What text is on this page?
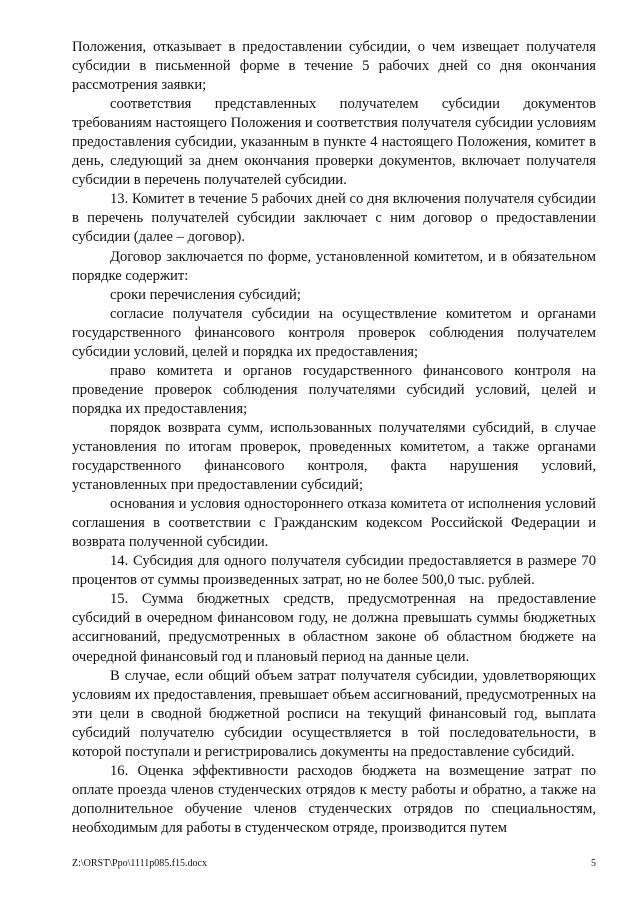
Положения, отказывает в предоставлении субсидии, о чем извещает получателя субсидии в письменной форме в течение 5 рабочих дней со дня окончания рассмотрения заявки;

соответствия представленных получателем субсидии документов требованиям настоящего Положения и соответствия получателя субсидии условиям предоставления субсидии, указанным в пункте 4 настоящего Положения, комитет в день, следующий за днем окончания проверки документов, включает получателя субсидии в перечень получателей субсидии.

13. Комитет в течение 5 рабочих дней со дня включения получателя субсидии в перечень получателей субсидии заключает с ним договор о предоставлении субсидии (далее – договор).

Договор заключается по форме, установленной комитетом, и в обязательном порядке содержит:

сроки перечисления субсидий;

согласие получателя субсидии на осуществление комитетом и органами государственного финансового контроля проверок соблюдения получателем субсидии условий, целей и порядка их предоставления;

право комитета и органов государственного финансового контроля на проведение проверок соблюдения получателями субсидий условий, целей и порядка их предоставления;

порядок возврата сумм, использованных получателями субсидий, в случае установления по итогам проверок, проведенных комитетом, а также органами государственного финансового контроля, факта нарушения условий, установленных при предоставлении субсидий;

основания и условия одностороннего отказа комитета от исполнения условий соглашения в соответствии с Гражданским кодексом Российской Федерации и возврата полученной субсидии.

14. Субсидия для одного получателя субсидии предоставляется в размере 70 процентов от суммы произведенных затрат, но не более 500,0 тыс. рублей.

15. Сумма бюджетных средств, предусмотренная на предоставление субсидий в очередном финансовом году, не должна превышать суммы бюджетных ассигнований, предусмотренных в областном законе об областном бюджете на очередной финансовый год и плановый период на данные цели.

В случае, если общий объем затрат получателя субсидии, удовлетворяющих условиям их предоставления, превышает объем ассигнований, предусмотренных на эти цели в сводной бюджетной росписи на текущий финансовый год, выплата субсидий получателю субсидии осуществляется в той последовательности, в которой поступали и регистрировались документы на предоставление субсидий.

16. Оценка эффективности расходов бюджета на возмещение затрат по оплате проезда членов студенческих отрядов к месту работы и обратно, а также на дополнительное обучение членов студенческих отрядов по специальностям, необходимым для работы в студенческом отряде, производится путем

Z:\ORST\Ppo\1111p085.f15.docx	5
